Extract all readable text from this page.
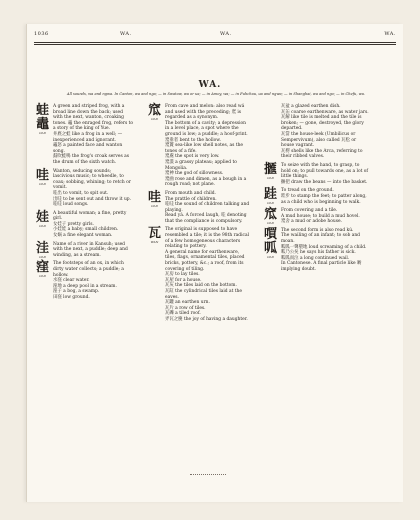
1036	WA.	WA.	WA.
WA.
All sounds, wa and ngwa. In Canton, wa and nga; — in Swatow, wa or ua; — in Amoy, wa; — in Fuhchau, ua and ngwa; — in Shanghai, wa and ngo; — in Chefu, wa.
蛙
鼃
OLD
A green and striped frog, with a broad line down the back; used with the next, wanton, croaking tones. 鼃 the enraged frog, refers to a story of the king of Yue.
井底之蛙 like a frog in a well; — inexperienced and ignorant.
鼃怒 a painted face and wanton song.
鼓吹蛙鳴 the frog's croak serves as the drum of the sixth watch.
哇
OLD
Wanton, seducing sounds; lascivious music; to wheedle, to coax; sobbing, whining; to retch or vomit.
哇出 to vomit, to spit out.
出哇 to be sent out and throw it up.
哇哇 loud songs.
娃
OLD
A beautiful woman; a fine, pretty girl.
女娃子 pretty girls.
小娃娃 a baby; small children.
女娲 a fine elegant woman.
洼
OLD
Name of a river in Kansuh; used with the next, a puddle; deep and winding, as a stream.
窪
OLD
The footsteps of an ox, in which dirty water collects; a puddle; a hollow.
水窪 clear water.
窪地 a deep pool in a stream.
窪子 a bog, a swamp.
田窪 low ground.
窊
OLD
From cave and melon: also read wá and used with the preceding; 窊 is regarded as a synonym.
The bottom of a cavity; a depression in a level place, a spot where the ground is low; a puddle; a hoof-print.
窊垂者 bent to the hollow.
窊竇 sea-like low shell notes, as the tones of a fife.
窊處 the spot is very low.
窊漠 a grassy plateau; applied to Mongolia.
窊神 the god of sillowness.
窊曲 rose and dimen, as a bough in a rough road; not plane.
哇
OLD
From mouth and child.
The prattle of children.
哇哇 the sound of children talking and playing.
Read yá. A forced laugh, 哇 denoting that the compliance is compulsory.
瓦
WAN
The original is supposed to have resembled a tile; it is the 98th radical of a few homogeneous characters relating to pottery.
A general name for earthenware, tiles, flags, ornamental tiles, placed bricks, pottery, &c.; a roof, from its covering of tiling.
瓦房 to lay tiles.
瓦屋 for a house.
瓦灰 the tiles laid on the bottom.
瓦缸 the cylindrical tiles laid at the eaves.
瓦罐 an earthen urn.
瓦片 a row of tiles.
瓦礫 a tiled roof.
弄瓦之慶 the joy of having a daughter.
瓦盆 a glazed earthen dish.
瓦缶 coarse earthenware, as water jars.
瓦解 like tile is melted and the tile is broken; — gone, destroyed, the glory departed.
瓦當 the house-leek (Umbilicus or Sempervivum), also called 瓦松 or house vagrant.
瓦楞 shells like the Arca, referring to their ribbed valves.
擓
OLD
To seize with the hand, to grasp, to hold on; to pull towards one, as a lot of little things.
擓把 draw the beans — into the basket.
跬
OLD
To tread on the ground.
跬步 to stamp the feet; to patter along, as a child who is beginning to walk.
窊
OLD
From covering and a tile.
A mud house; to build a mud hovel.
窊舍 a mud or adobe house.
嘪
呱
OLD
The second form is also read kú.
The wailing of an infant; to sob and moan.
呱呱一聲墮地 loud screaming of a child.
呱乃公矣 he says his father is sick.
呱呱而泣 a long continued wail.
In Cantonese. A final particle like 喲 implying doubt.
